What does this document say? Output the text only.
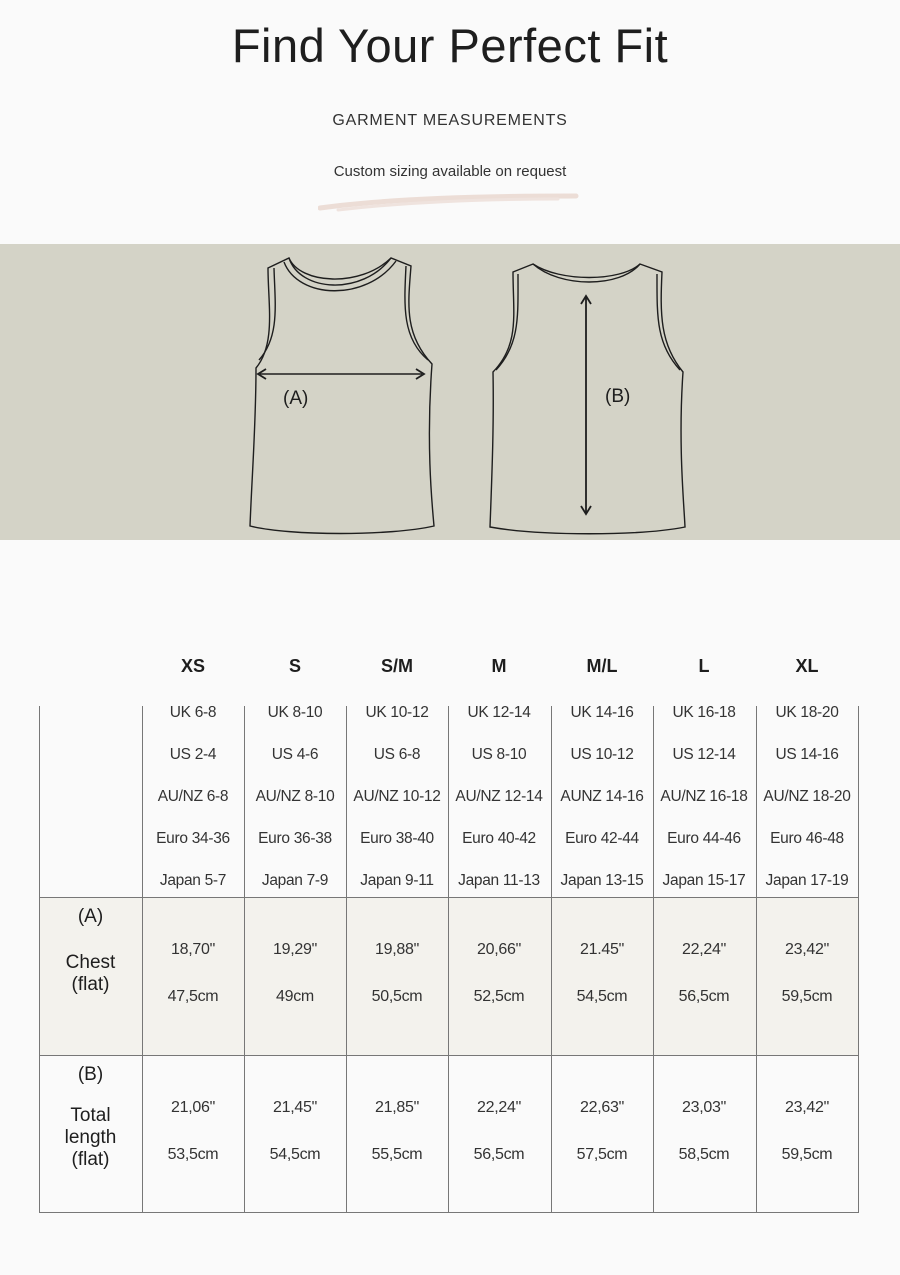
Find Your Perfect Fit
GARMENT MEASUREMENTS
Custom sizing available on request
(A)	(B)
XS
UK 6-8
US 2-4
AU/NZ 6-8
Euro 34-36
Japan 5-7
S
UK 8-10
US 4-6
AU/NZ 8-10
Euro 36-38
Japan 7-9
S/M
UK 10-12
US 6-8
AU/NZ 10-12
Euro 38-40
Japan 9-11
M
UK 12-14
US 8-10
AU/NZ 12-14
Euro 40-42
Japan 11-13
M/L
UK 14-16
US 10-12
AUNZ 14-16
Euro 42-44
Japan 13-15
L
UK 16-18
US 12-14
AU/NZ 16-18
Euro 44-46
Japan 15-17
XL
UK 18-20
US 14-16
AU/NZ 18-20
Euro 46-48
Japan 17-19
(A)
Chest
(flat)
18,70"
47,5cm
19,29"
49cm
19,88"
50,5cm
20,66"
52,5cm
21.45"
54,5cm
22,24"
56,5cm
23,42"
59,5cm
(B)
Total
length
(flat)
21,06"
53,5cm
21,45"
54,5cm
21,85"
55,5cm
22,24"
56,5cm
22,63"
57,5cm
23,03"
58,5cm
23,42"
59,5cm
